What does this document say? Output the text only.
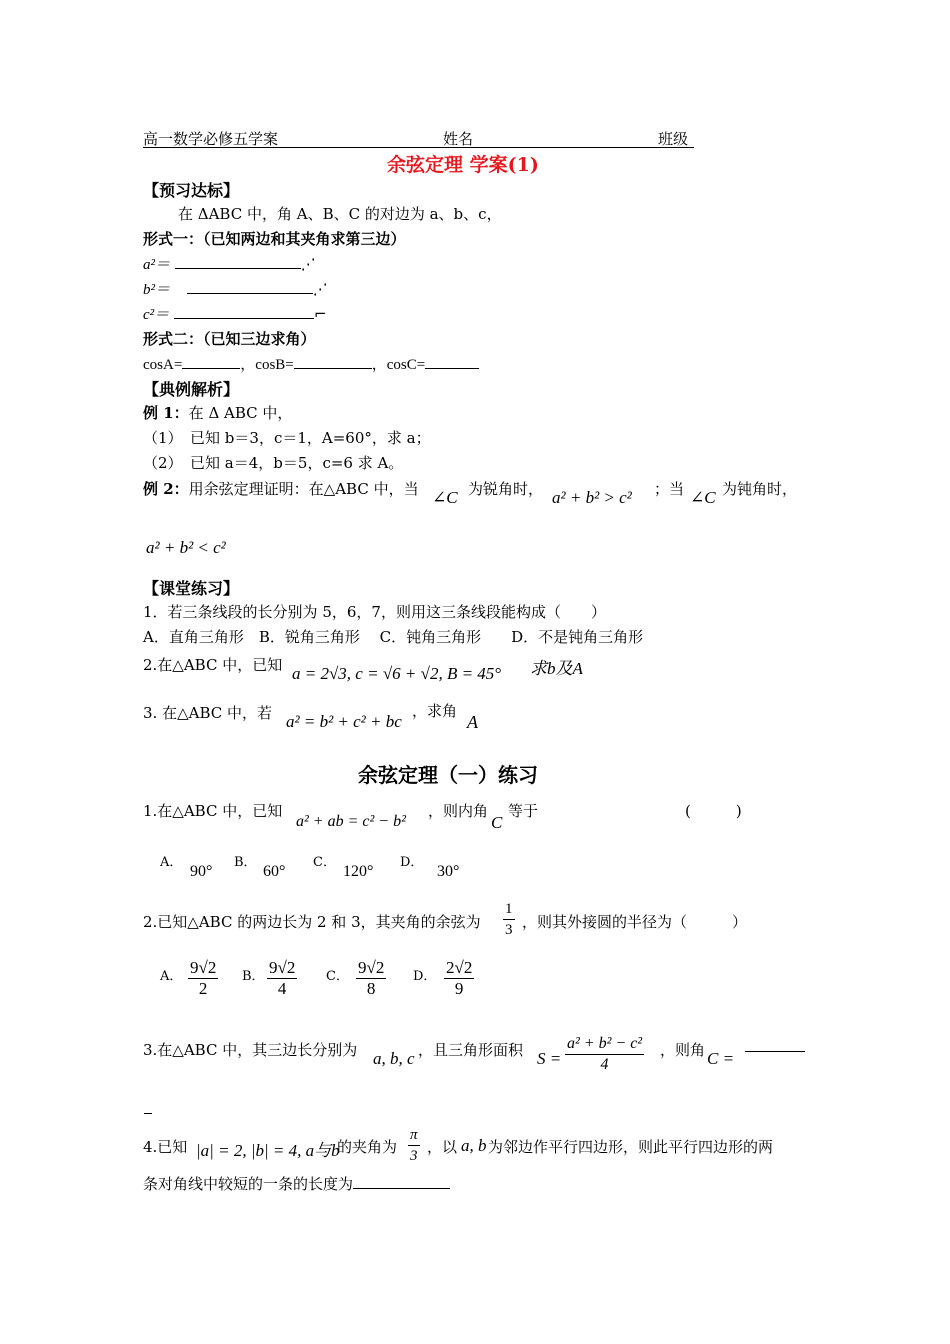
高一数学必修五学案	姓名	班级
余弦定理 学案(1)
【预习达标】
在 ΔABC 中，角 A、B、C 的对边为 a、b、c，
形式一：（已知两边和其夹角求第三边）
a²＝	⋰
b²＝	⋰
c²＝	⌐
形式二：（已知三边求角）
cosA=	，cosB=	，cosC=
【典例解析】
例 1：在 Δ ABC 中，
（1）　已知 b＝3，c＝1，A=60°，求 a；
（2）　已知 a＝4，b＝5，c=6 求 A。
例 2：用余弦定理证明：在△ABC 中，当 ∠C 为锐角时， a² + b² > c² ；当 ∠C 为钝角时，
a² + b² < c²
【课堂练习】
1．若三条线段的长分别为 5，6，7，则用这三条线段能构成（　　）
A．直角三角形　B．锐角三角形　 C．钝角三角形　　D．不是钝角三角形
2.在△ABC 中，已知 a = 2√3, c = √6 + √2, B = 45° 求b及A
3. 在△ABC 中，若 a² = b² + c² + bc
，求角
A
余弦定理（一）练习
1.在△ABC 中，已知
a² + ab = c² − b²
，则内角
C
等于	(　　　)
A．
90°
B．
60°
C．
120°
D．
30°
2.已知△ABC 的两边长为 2 和 3，其夹角的余弦为 $\frac{1}{3}$ ，则其外接圆的半径为（　　　）
A． $\frac{9√2}{2}$ B． $\frac{9√2}{4}$ C． $\frac{9√2}{8}$ D． $\frac{2√2}{9}$
3.在△ABC 中，其三边长分别为 a, b, c ，且三角形面积 $S = \frac{\text{a² + b² − c²}}{4}$ ，则角 C =
4.已知 |a| = 2, |b| = 4, a与b
的夹角为 $\frac{\pi}{3}$ ，以 a, b 为邻边作平行四边形，则此平行四边形的两
条对角线中较短的一条的长度为
